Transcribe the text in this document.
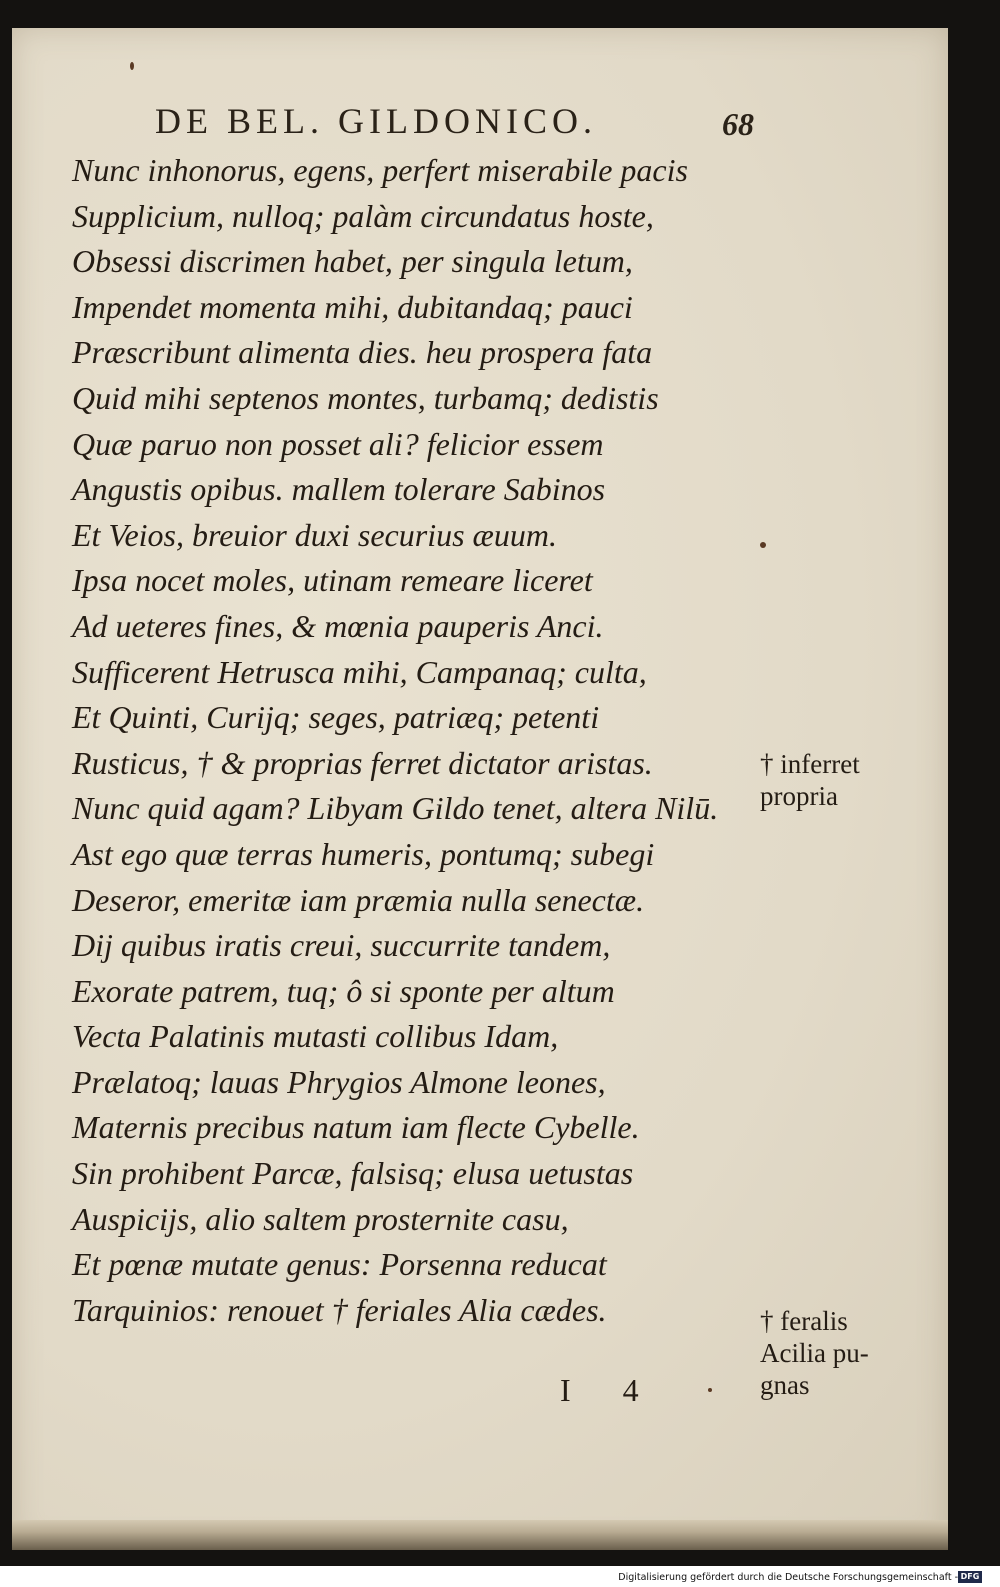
DE BEL. GILDONICO.	68
Nunc inhonorus, egens, perfert miserabile pacis
Supplicium, nulloq; palàm circundatus hoste,
Obsessi discrimen habet, per singula letum,
Impendet momenta mihi, dubitandaq; pauci
Præscribunt alimenta dies. heu prospera fata
Quid mihi septenos montes, turbamq; dedistis
Quæ paruo non posset ali? felicior essem
Angustis opibus. mallem tolerare Sabinos
Et Veios, breuior duxi securius æuum.
Ipsa nocet moles, utinam remeare liceret
Ad ueteres fines, & mœnia pauperis Anci.
Sufficerent Hetrusca mihi, Campanaq; culta,
Et Quinti, Curijq; seges, patriæq; petenti
Rusticus, † & proprias ferret dictator aristas.
Nunc quid agam? Libyam Gildo tenet, altera Nilū.
Ast ego quæ terras humeris, pontumq; subegi
Deseror, emeritæ iam præmia nulla senectæ.
Dij quibus iratis creui, succurrite tandem,
Exorate patrem, tuq; ô si sponte per altum
Vecta Palatinis mutasti collibus Idam,
Prælatoq; lauas Phrygios Almone leones,
Maternis precibus natum iam flecte Cybelle.
Sin prohibent Parcæ, falsisq; elusa uetustas
Auspicijs, alio saltem prosternite casu,
Et pœnæ mutate genus: Porsenna reducat
Tarquinios: renouet † feriales Alia cædes.
† inferret
propria
† feralis
Acilia pu-
gnas
I 4
Digitalisierung gefördert durch die Deutsche Forschungsgemeinschaft - DFG
